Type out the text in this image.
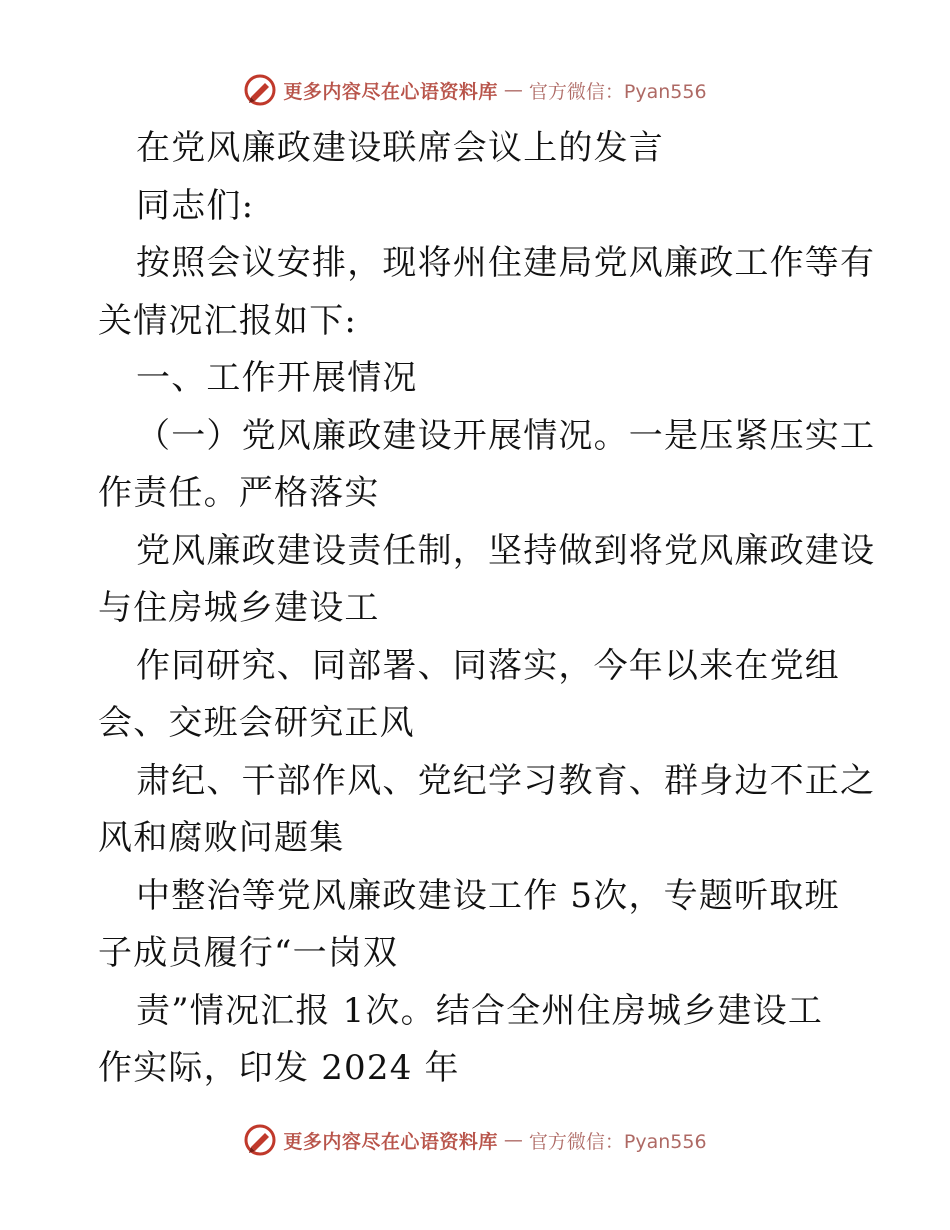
更多内容尽在心语资料库 — 官方微信：Pyan556
在党风廉政建设联席会议上的发言
同志们:
按照会议安排，现将州住建局党风廉政工作等有
关情况汇报如下:
一、工作开展情况
（一）党风廉政建设开展情况。一是压紧压实工
作责任。严格落实
党风廉政建设责任制，坚持做到将党风廉政建设
与住房城乡建设工
作同研究、同部署、同落实，今年以来在党组
会、交班会研究正风
肃纪、干部作风、党纪学习教育、群身边不正之
风和腐败问题集
中整治等党风廉政建设工作 5次，专题听取班
子成员履行“一岗双
责”情况汇报 1次。结合全州住房城乡建设工
作实际，印发 2024 年
更多内容尽在心语资料库 — 官方微信：Pyan556
